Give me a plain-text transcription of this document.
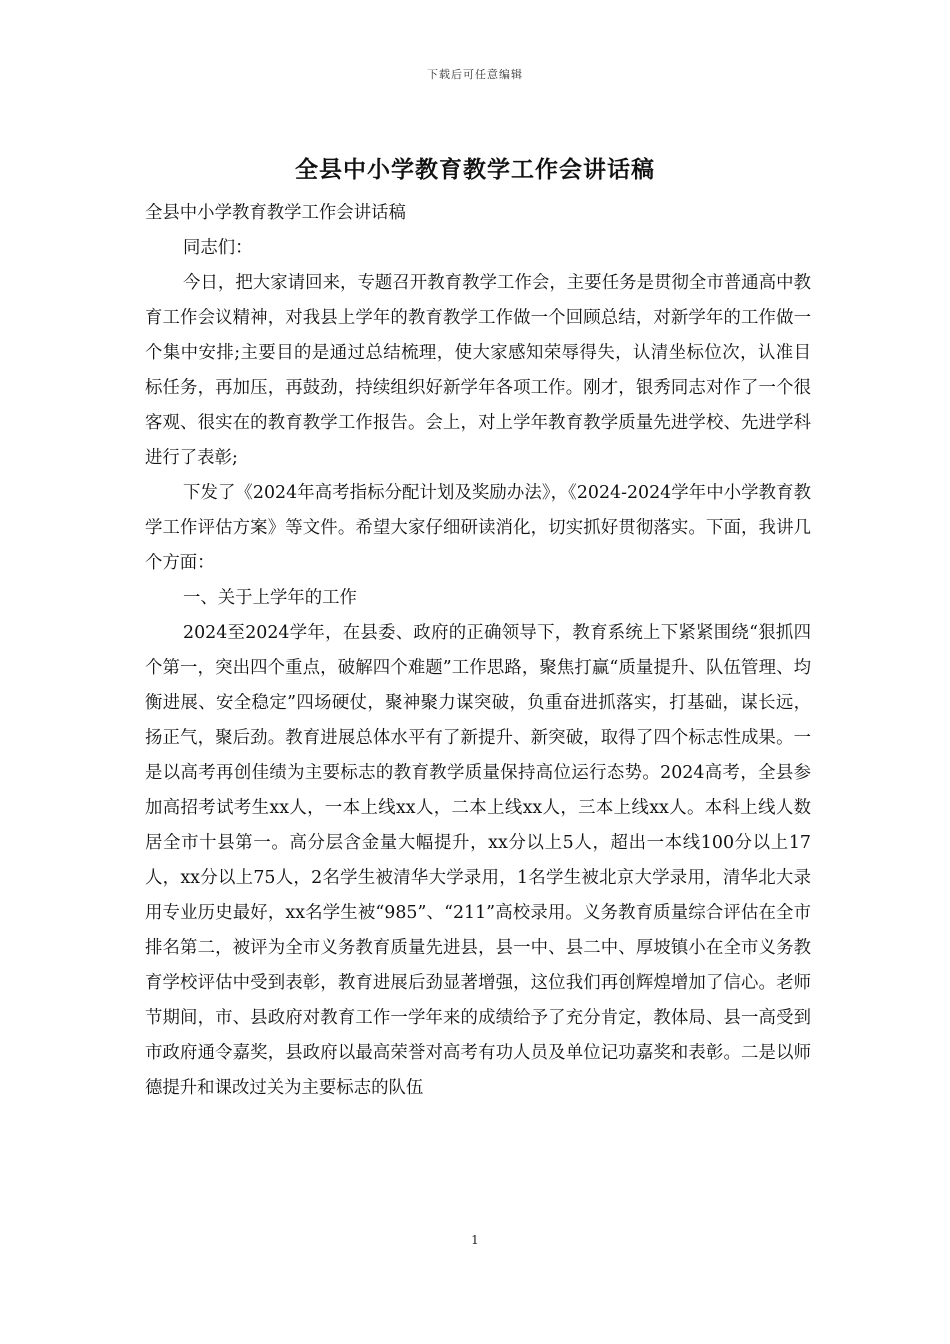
下载后可任意编辑
全县中小学教育教学工作会讲话稿

全县中小学教育教学工作会讲话稿

同志们：

今日，把大家请回来，专题召开教育教学工作会，主要任务是贯彻全市普通高中教育工作会议精神，对我县上学年的教育教学工作做一个回顾总结，对新学年的工作做一个集中安排;主要目的是通过总结梳理，使大家感知荣辱得失，认清坐标位次，认准目标任务，再加压，再鼓劲，持续组织好新学年各项工作。刚才，银秀同志对作了一个很客观、很实在的教育教学工作报告。会上，对上学年教育教学质量先进学校、先进学科进行了表彰;

下发了《2024年高考指标分配计划及奖励办法》，《2024-2024学年中小学教育教学工作评估方案》等文件。希望大家仔细研读消化，切实抓好贯彻落实。下面，我讲几个方面：

一、关于上学年的工作

2024至2024学年，在县委、政府的正确领导下，教育系统上下紧紧围绕“狠抓四个第一，突出四个重点，破解四个难题”工作思路，聚焦打赢“质量提升、队伍管理、均衡进展、安全稳定”四场硬仗，聚神聚力谋突破，负重奋进抓落实，打基础，谋长远，扬正气，聚后劲。教育进展总体水平有了新提升、新突破，取得了四个标志性成果。一是以高考再创佳绩为主要标志的教育教学质量保持高位运行态势。2024高考，全县参加高招考试考生xx人，一本上线xx人，二本上线xx人，三本上线xx人。本科上线人数居全市十县第一。高分层含金量大幅提升，xx分以上5人，超出一本线100分以上17人，xx分以上75人，2名学生被清华大学录用，1名学生被北京大学录用，清华北大录用专业历史最好，xx名学生被“985”、“211”高校录用。义务教育质量综合评估在全市排名第二，被评为全市义务教育质量先进县，县一中、县二中、厚坡镇小在全市义务教育学校评估中受到表彰，教育进展后劲显著增强，这位我们再创辉煌增加了信心。老师节期间，市、县政府对教育工作一学年来的成绩给予了充分肯定，教体局、县一高受到市政府通令嘉奖，县政府以最高荣誉对高考有功人员及单位记功嘉奖和表彰。二是以师德提升和课改过关为主要标志的队伍

1
